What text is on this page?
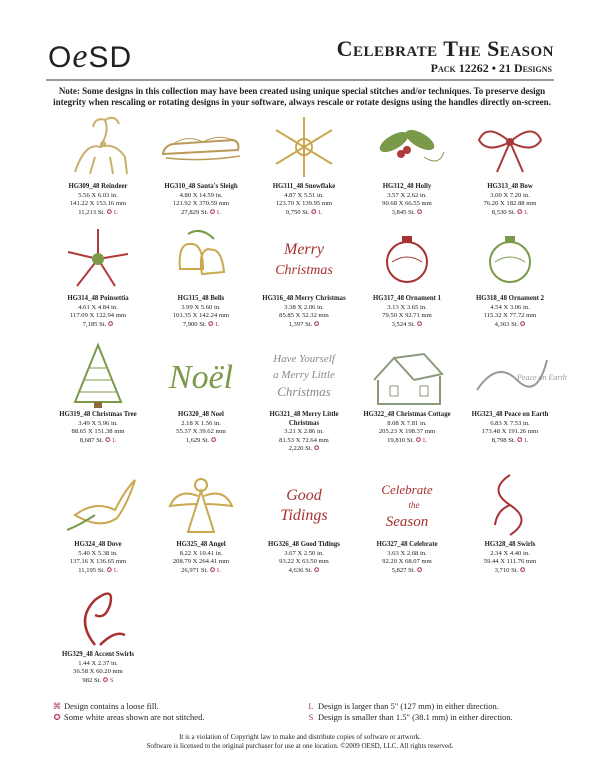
OeSD	Celebrate The Season
Pack 12262 • 21 Designs
Note: Some designs in this collection may have been created using unique special stitches and/or techniques. To preserve design integrity when rescaling or rotating designs in your software, always rescale or rotate designs using the handles directly on-screen.
HG309_48 Reindeer
5.56 X 6.03 in.
141.22 X 153.16 mm
11,213 St. ✪ L
HG310_48 Santa's Sleigh
4.80 X 14.59 in.
121.92 X 370.59 mm
27,829 St. ✪ L
HG311_48 Snowflake
4.87 X 5.51 in.
123.70 X 139.95 mm
9,750 St. ✪ L
HG312_48 Holly
3.57 X 2.62 in.
90.68 X 66.55 mm
3,845 St. ✪
HG313_48 Bow
3.00 X 7.20 in.
76.20 X 182.88 mm
8,530 St. ✪ L
HG314_48 Poinsettia
4.61 X 4.84 in.
117.09 X 122.94 mm
7,185 St. ✪
HG315_48 Bells
3.99 X 5.60 in.
101.35 X 142.24 mm
7,900 St. ✪ L
Merry
Christmas
HG316_48 Merry Christmas
3.38 X 2.06 in.
85.85 X 52.32 mm
1,397 St. ✪
HG317_48 Ornament 1
3.13 X 3.65 in.
79.50 X 92.71 mm
3,524 St. ✪
HG318_48 Ornament 2
4.54 X 3.06 in.
115.32 X 77.72 mm
4,363 St. ✪
HG319_48 Christmas Tree
3.49 X 5.96 in.
88.65 X 151.38 mm
8,687 St. ✪ L
Noël
HG320_48 Noel
2.18 X 1.56 in.
55.37 X 39.62 mm
1,629 St. ✪
Have Yourself
a Merry Little
Christmas
HG321_48 Merry Little Christmas
3.21 X 2.86 in.
81.53 X 72.64 mm
2,220 St. ✪
HG322_48 Christmas Cottage
8.08 X 7.81 in.
205.23 X 198.37 mm
19,810 St. ✪ L
Peace on Earth
HG323_48 Peace on Earth
6.83 X 7.53 in.
173.48 X 191.26 mm
8,798 St. ✪ L
HG324_48 Dove
5.40 X 5.38 in.
137.16 X 136.65 mm
11,195 St. ✪ L
HG325_48 Angel
8.22 X 10.41 in.
208.79 X 264.41 mm
26,971 St. ✪ L
Good
Tidings
HG326_48 Good Tidings
3.67 X 2.50 in.
93.22 X 63.50 mm
4,636 St. ✪
Celebrate
the
Season
HG327_48 Celebrate
3.63 X 2.68 in.
92.20 X 68.07 mm
5,827 St. ✪
HG328_48 Swirls
2.34 X 4.40 in.
59.44 X 111.76 mm
3,710 St. ✪
HG329_48 Accent Swirls
1.44 X 2.37 in.
36.58 X 60.20 mm
982 St. ✪ S
⌘ Design contains a loose fill.
✪ Some white areas shown are not stitched.
L Design is larger than 5" (127 mm) in either direction.
S Design is smaller than 1.5" (38.1 mm) in either direction.
It is a violation of Copyright law to make and distribute copies of software or artwork.
Software is licensed to the original purchaser for use at one location. ©2009 OESD, LLC. All rights reserved.
